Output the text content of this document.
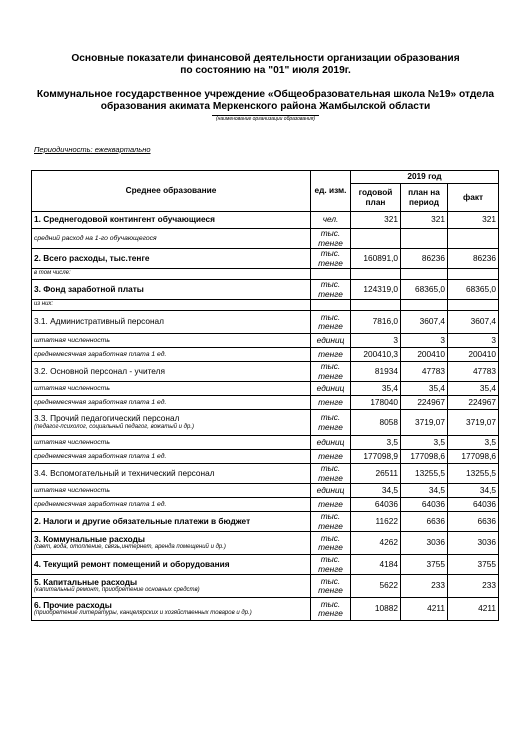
Основные показатели финансовой деятельности организации образования
по состоянию на "01" июля 2019г.
Коммунальное государственное учреждение «Общеобразовательная школа №19» отдела
образования акимата Меркенского района Жамбылской области
(наименование организации образования)
Периодичность: ежеквартально
Среднее образование	ед. изм.	2019 год		
		годовой план	план на период	факт
1. Среднегодовой контингент обучающиеся	чел.	321	321	321
средний расход на 1-го обучающегося	тыс. тенге			
2. Всего расходы, тыс.тенге	тыс. тенге	160891,0	86236	86236
в том числе:				
3. Фонд заработной платы	тыс. тенге	124319,0	68365,0	68365,0
из них:				
3.1. Административный персонал	тыс. тенге	7816,0	3607,4	3607,4
штатная численность	единиц	3	3	3
среднемесячная заработная плата 1 ед.	тенге	200410,3	200410	200410
3.2. Основной персонал - учителя	тыс. тенге	81934	47783	47783
штатная численность	единиц	35,4	35,4	35,4
среднемесячная заработная плата 1 ед.	тенге	178040	224967	224967
3.3. Прочий педагогический персонал
(педагог-психолог, социальный педагог, вожатый и др.)	тыс. тенге	8058	3719,07	3719,07
штатная численность	единиц	3,5	3,5	3,5
среднемесячная заработная плата 1 ед.	тенге	177098,9	177098,6	177098,6
3.4. Вспомогательный и технический персонал	тыс. тенге	26511	13255,5	13255,5
штатная численность	единиц	34,5	34,5	34,5
среднемесячная заработная плата 1 ед.	тенге	64036	64036	64036
2. Налоги и другие обязательные платежи в бюджет	тыс. тенге	11622	6636	6636
3. Коммунальные расходы
(свет, вода, отопление, связь,интернет, аренда помещений и др.)	тыс. тенге	4262	3036	3036
4. Текущий ремонт помещений и оборудования	тыс. тенге	4184	3755	3755
5. Капитальные расходы
(капитальный ремонт, приобретение основных средств)	тыс. тенге	5622	233	233
6. Прочие расходы
(приобретение литературы, канцелярских и хозяйственных товаров и др.)	тыс. тенге	10882	4211	4211
